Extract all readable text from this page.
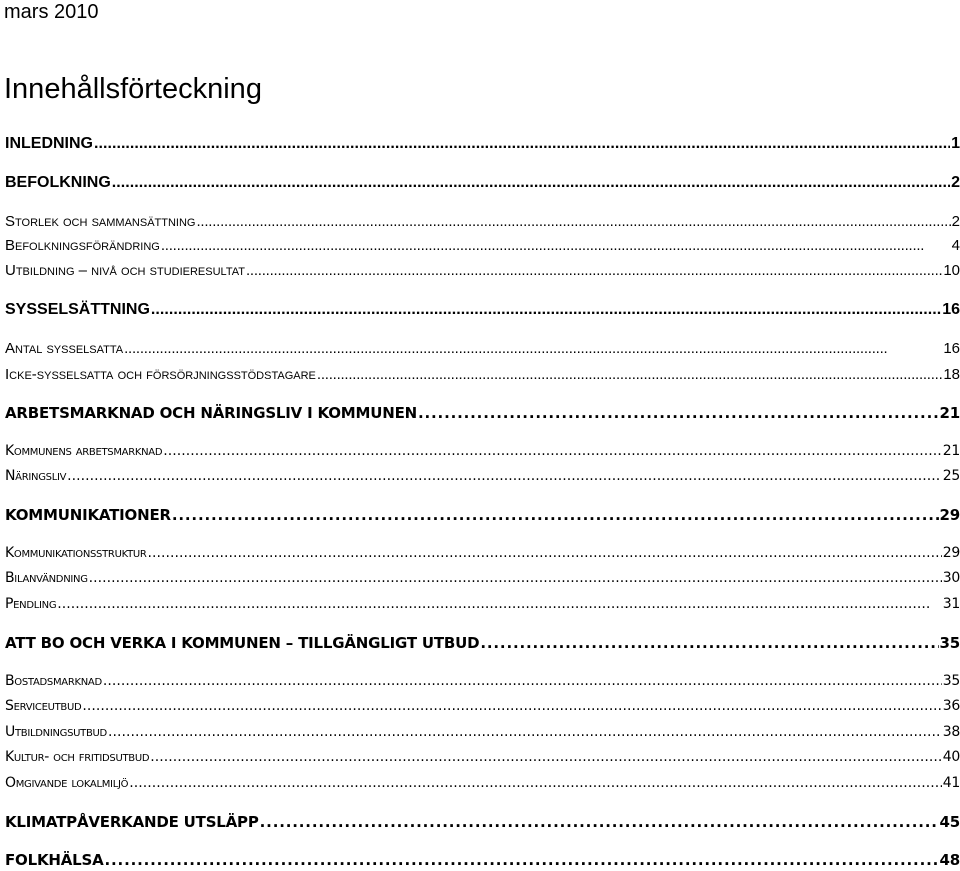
mars 2010
Innehållsförteckning
INLEDNING . . .	1
BEFOLKNING . . .	2
Storlek och sammansättning . . .	2
Befolkningsförändring . . .	4
Utbildning – nivå och studieresultat . . .	10
SYSSELSÄTTNING . . .	16
Antal sysselsatta . . .	16
Icke-sysselsatta och försörjningsstödstagare . . .	18
ARBETSMARKNAD OCH NÄRINGSLIV I KOMMUNEN . . .	21
Kommunens arbetsmarknad . . .	21
Näringsliv . . .	25
KOMMUNIKATIONER . . .	29
Kommunikationsstruktur . . .	29
Bilanvändning . . .	30
Pendling . . .	31
ATT BO OCH VERKA I KOMMUNEN – TILLGÄNGLIGT UTBUD . . .	35
Bostadsmarknad . . .	35
Serviceutbud . . .	36
Utbildningsutbud . . .	38
Kultur- och fritidsutbud . . .	40
Omgivande lokalmiljö . . .	41
KLIMATPÅVERKANDE UTSLÄPP . . .	45
FOLKHÄLSA . . .	48
